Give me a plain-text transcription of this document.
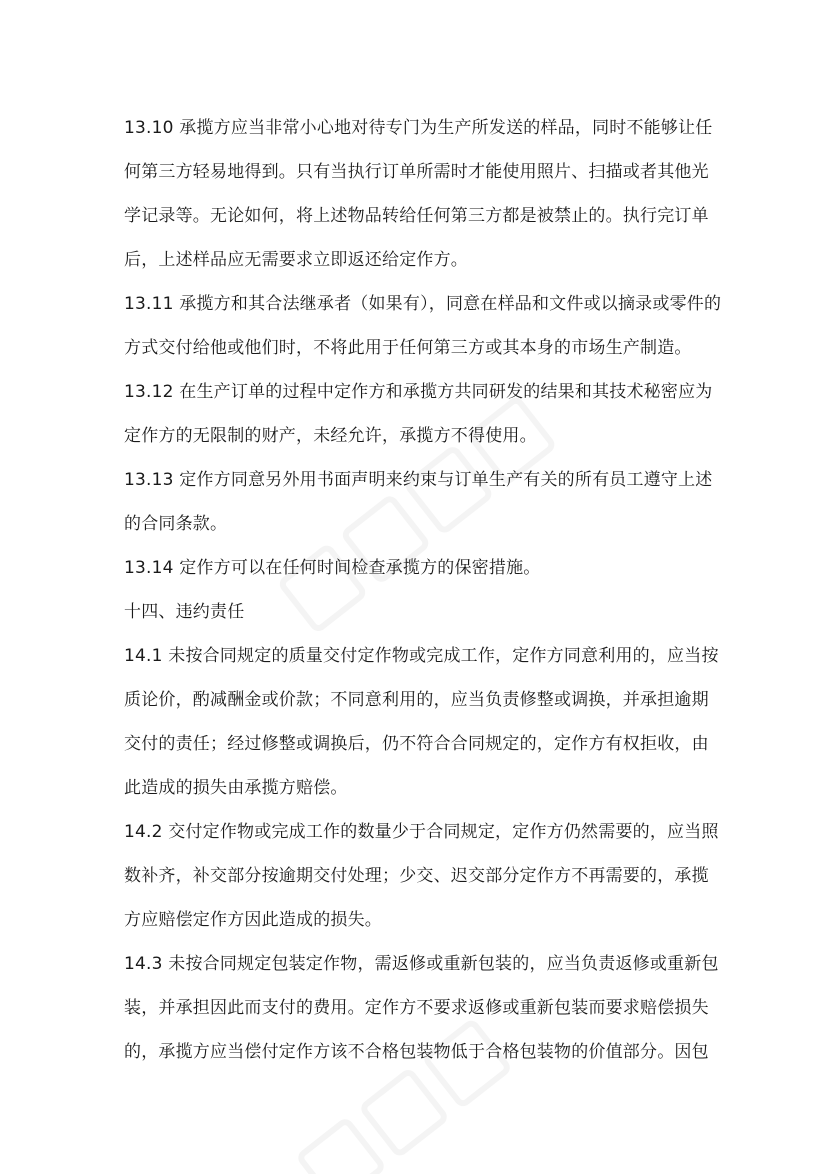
13.10 承揽方应当非常小心地对待专门为生产所发送的样品，同时不能够让任
何第三方轻易地得到。只有当执行订单所需时才能使用照片、扫描或者其他光
学记录等。无论如何，将上述物品转给任何第三方都是被禁止的。执行完订单
后，上述样品应无需要求立即返还给定作方。
13.11 承揽方和其合法继承者（如果有），同意在样品和文件或以摘录或零件的
方式交付给他或他们时，不将此用于任何第三方或其本身的市场生产制造。
13.12 在生产订单的过程中定作方和承揽方共同研发的结果和其技术秘密应为
定作方的无限制的财产，未经允许，承揽方不得使用。
13.13 定作方同意另外用书面声明来约束与订单生产有关的所有员工遵守上述
的合同条款。
13.14 定作方可以在任何时间检查承揽方的保密措施。
十四、违约责任
14.1 未按合同规定的质量交付定作物或完成工作，定作方同意利用的，应当按
质论价，酌减酬金或价款；不同意利用的，应当负责修整或调换，并承担逾期
交付的责任；经过修整或调换后，仍不符合合同规定的，定作方有权拒收，由
此造成的损失由承揽方赔偿。
14.2 交付定作物或完成工作的数量少于合同规定，定作方仍然需要的，应当照
数补齐，补交部分按逾期交付处理；少交、迟交部分定作方不再需要的，承揽
方应赔偿定作方因此造成的损失。
14.3 未按合同规定包装定作物，需返修或重新包装的，应当负责返修或重新包
装，并承担因此而支付的费用。定作方不要求返修或重新包装而要求赔偿损失
的，承揽方应当偿付定作方该不合格包装物低于合格包装物的价值部分。因包
